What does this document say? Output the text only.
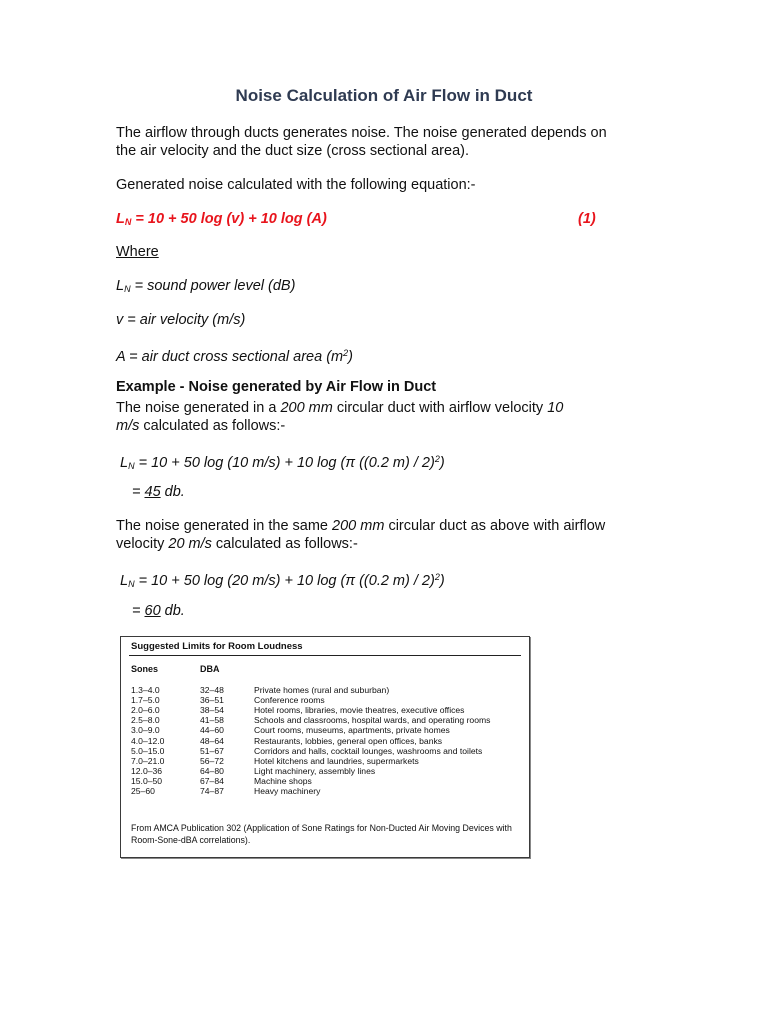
Noise Calculation of Air Flow in Duct
The airflow through ducts generates noise. The noise generated depends on
the air velocity and the duct size (cross sectional area).
Generated noise calculated with the following equation:-
$L_N = 10 + 50$ log (v) + 10 log (A)	(1)
Where
$L_N$ = sound power level (dB)
v = air velocity (m/s)
A = air duct cross sectional area $(m^2)$
Example - Noise generated by Air Flow in Duct
The noise generated in a 200 mm circular duct with airflow velocity 10
m/s calculated as follows:-
$L_N = 10 + 50$ log (10 m/s) + 10 log (π ((0.2 m) / 2)$^2$)
= 45 db.
The noise generated in the same 200 mm circular duct as above with airflow
velocity 20 m/s calculated as follows:-
$L_N = 10 + 50$ log (20 m/s) + 10 log (π ((0.2 m) / 2)$^2$)
= 60 db.
Suggested Limits for Room Loudness
Sones	DBA
1.3–4.0	32–48	Private homes (rural and suburban)
1.7–5.0	36–51	Conference rooms
2.0–6.0	38–54	Hotel rooms, libraries, movie theatres, executive offices
2.5–8.0	41–58	Schools and classrooms, hospital wards, and operating rooms
3.0–9.0	44–60	Court rooms, museums, apartments, private homes
4.0–12.0	48–64	Restaurants, lobbies, general open offices, banks
5.0–15.0	51–67	Corridors and halls, cocktail lounges, washrooms and toilets
7.0–21.0	56–72	Hotel kitchens and laundries, supermarkets
12.0–36	64–80	Light machinery, assembly lines
15.0–50	67–84	Machine shops
25–60	74–87	Heavy machinery
From AMCA Publication 302 (Application of Sone Ratings for Non-Ducted Air Moving Devices with Room-Sone-dBA correlations).
